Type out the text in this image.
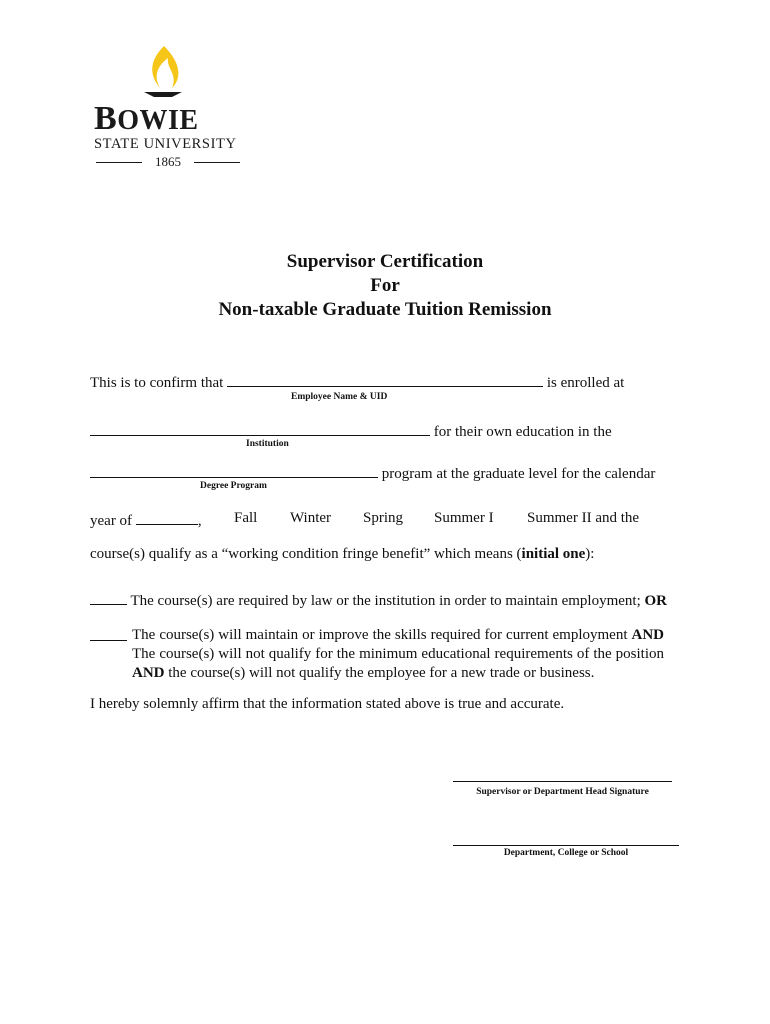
BOWIE
STATE UNIVERSITY
1865
Supervisor Certification
For
Non-taxable Graduate Tuition Remission
This is to confirm that	is enrolled at
Employee Name & UID
for their own education in the
Institution
program at the graduate level for the calendar
Degree Program
year of	, Fall Winter Spring Summer I Summer II and the
course(s) qualify as a “working condition fringe benefit” which means (initial one):
The course(s) are required by law or the institution in order to maintain employment; OR
The course(s) will maintain or improve the skills required for current employment AND The course(s) will not qualify for the minimum educational requirements of the position AND the course(s) will not qualify the employee for a new trade or business.
I hereby solemnly affirm that the information stated above is true and accurate.
Supervisor or Department Head Signature
Department, College or School
